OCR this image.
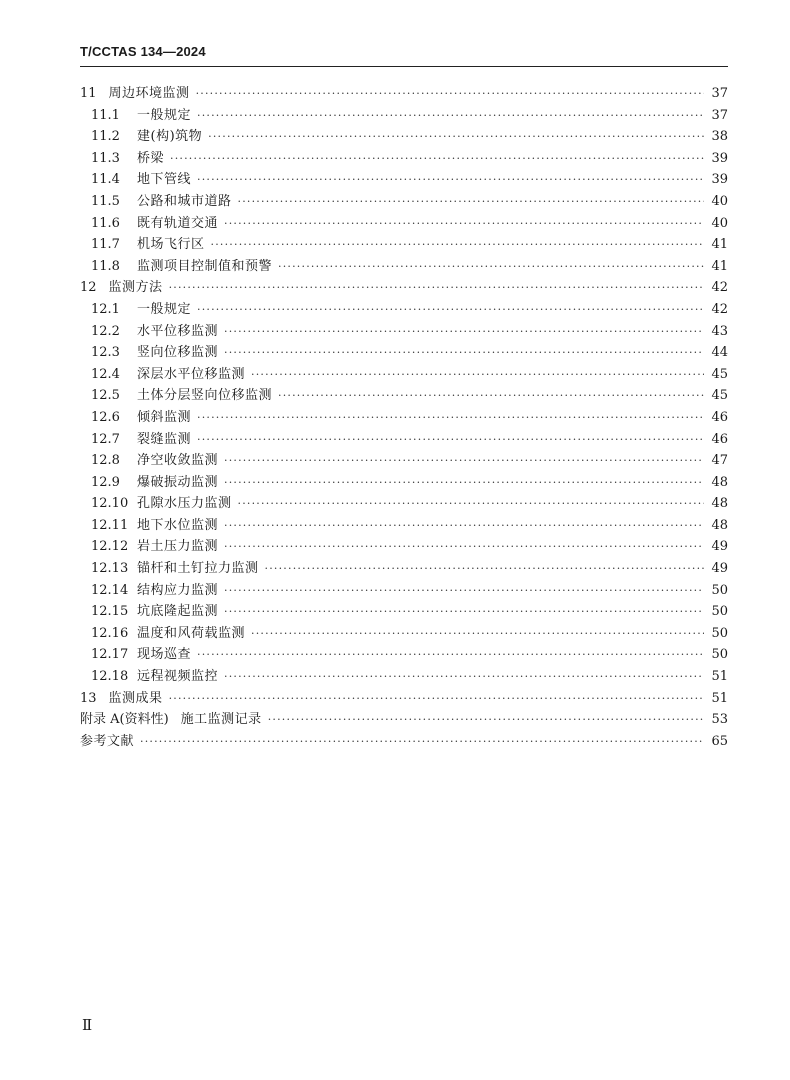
T/CCTAS 134—2024
11 周边环境监测 ·····	37
11.1	一般规定 ·····	37
11.2	建(构)筑物 ·····	38
11.3	桥梁 ·····	39
11.4	地下管线 ·····	39
11.5	公路和城市道路 ·····	40
11.6	既有轨道交通 ·····	40
11.7	机场飞行区 ·····	41
11.8	监测项目控制值和预警 ·····	41
12 监测方法 ·····	42
12.1	一般规定 ·····	42
12.2	水平位移监测 ·····	43
12.3	竖向位移监测 ·····	44
12.4	深层水平位移监测 ·····	45
12.5	土体分层竖向位移监测 ·····	45
12.6	倾斜监测 ·····	46
12.7	裂缝监测 ·····	46
12.8	净空收敛监测 ·····	47
12.9	爆破振动监测 ·····	48
12.10 孔隙水压力监测 ·····	48
12.11 地下水位监测 ·····	48
12.12 岩土压力监测 ·····	49
12.13 锚杆和土钉拉力监测 ·····	49
12.14 结构应力监测 ·····	50
12.15 坑底隆起监测 ·····	50
12.16 温度和风荷载监测 ·····	50
12.17 现场巡查 ·····	50
12.18 远程视频监控 ·····	51
13 监测成果 ·····	51
附录 A(资料性) 施工监测记录 ·····	53
参考文献 ·····	65
Ⅱ
